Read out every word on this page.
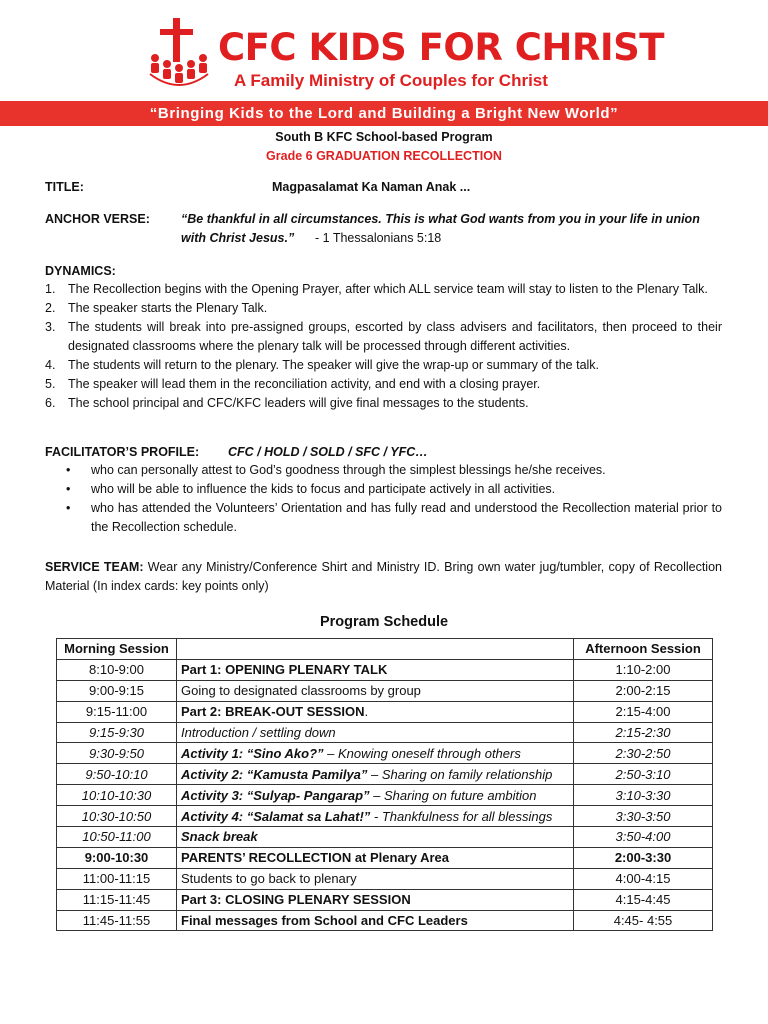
CFC KIDS FOR CHRIST
A Family Ministry of Couples for Christ
“Bringing Kids to the Lord and Building a Bright New World”
South B KFC School-based Program
Grade 6 GRADUATION RECOLLECTION
TITLE:	Magpasalamat Ka Naman Anak ...
ANCHOR VERSE: “Be thankful in all circumstances. This is what God wants from you in your life in union
with Christ Jesus.” - 1 Thessalonians 5:18
DYNAMICS:
1. The Recollection begins with the Opening Prayer, after which ALL service team will stay to listen to the Plenary Talk.
2. The speaker starts the Plenary Talk.
3. The students will break into pre-assigned groups, escorted by class advisers and facilitators, then proceed to their designated classrooms where the plenary talk will be processed through different activities.
4. The students will return to the plenary. The speaker will give the wrap-up or summary of the talk.
5. The speaker will lead them in the reconciliation activity, and end with a closing prayer.
6. The school principal and CFC/KFC leaders will give final messages to the students.
FACILITATOR’S PROFILE: CFC / HOLD / SOLD / SFC / YFC…
• who can personally attest to God’s goodness through the simplest blessings he/she receives.
• who will be able to influence the kids to focus and participate actively in all activities.
• who has attended the Volunteers’ Orientation and has fully read and understood the Recollection material prior to the Recollection schedule.
SERVICE TEAM: Wear any Ministry/Conference Shirt and Ministry ID. Bring own water jug/tumbler, copy of Recollection Material (In index cards: key points only)
Program Schedule
Morning Session		Afternoon Session
8:10-9:00	Part 1: OPENING PLENARY TALK	1:10-2:00
9:00-9:15	Going to designated classrooms by group	2:00-2:15
9:15-11:00	Part 2: BREAK-OUT SESSION.	2:15-4:00
9:15-9:30	Introduction / settling down	2:15-2:30
9:30-9:50	Activity 1: “Sino Ako?” – Knowing oneself through others	2:30-2:50
9:50-10:10	Activity 2: “Kamusta Pamilya” – Sharing on family relationship	2:50-3:10
10:10-10:30	Activity 3: “Sulyap- Pangarap” – Sharing on future ambition	3:10-3:30
10:30-10:50	Activity 4: “Salamat sa Lahat!” - Thankfulness for all blessings	3:30-3:50
10:50-11:00	Snack break	3:50-4:00
9:00-10:30	PARENTS’ RECOLLECTION at Plenary Area	2:00-3:30
11:00-11:15	Students to go back to plenary	4:00-4:15
11:15-11:45	Part 3: CLOSING PLENARY SESSION	4:15-4:45
11:45-11:55	Final messages from School and CFC Leaders	4:45- 4:55
